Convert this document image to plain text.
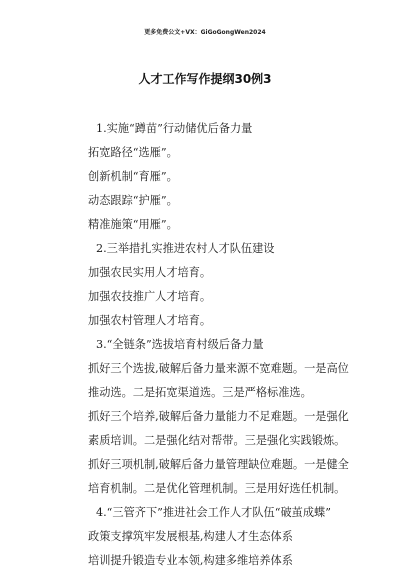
更多免费公文+VX：GiGoGongWen2024
人才工作写作提纲30例3
1.实施“蹲苗”行动储优后备力量
拓宽路径“选雁”。
创新机制“育雁”。
动态跟踪“护雁”。
精准施策“用雁”。
2.三举措扎实推进农村人才队伍建设
加强农民实用人才培育。
加强农技推广人才培育。
加强农村管理人才培育。
3.“全链条”选拔培育村级后备力量
抓好三个选拔,破解后备力量来源不宽难题。一是高位
推动选。二是拓宽渠道选。三是严格标准选。
抓好三个培养,破解后备力量能力不足难题。一是强化
素质培训。二是强化结对帮带。三是强化实践锻炼。
抓好三项机制,破解后备力量管理缺位难题。一是健全
培育机制。二是优化管理机制。三是用好选任机制。
4.“三管齐下”推进社会工作人才队伍“破茧成蝶”
政策支撑筑牢发展根基,构建人才生态体系
培训提升锻造专业本领,构建多维培养体系
